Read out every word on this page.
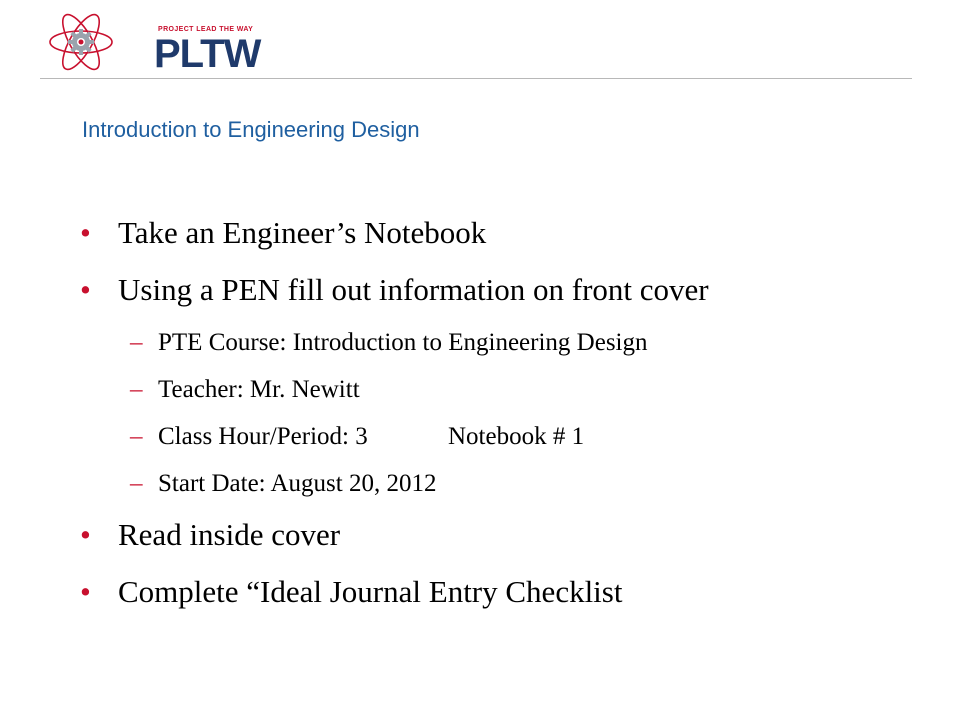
PROJECT LEAD THE WAY
PLTW
Introduction to Engineering Design
• Take an Engineer’s Notebook
• Using a PEN fill out information on front cover
– PTE Course: Introduction to Engineering Design
– Teacher: Mr. Newitt
– Class Hour/Period: 3	Notebook # 1
– Start Date: August 20, 2012
• Read inside cover
• Complete “Ideal Journal Entry Checklist
